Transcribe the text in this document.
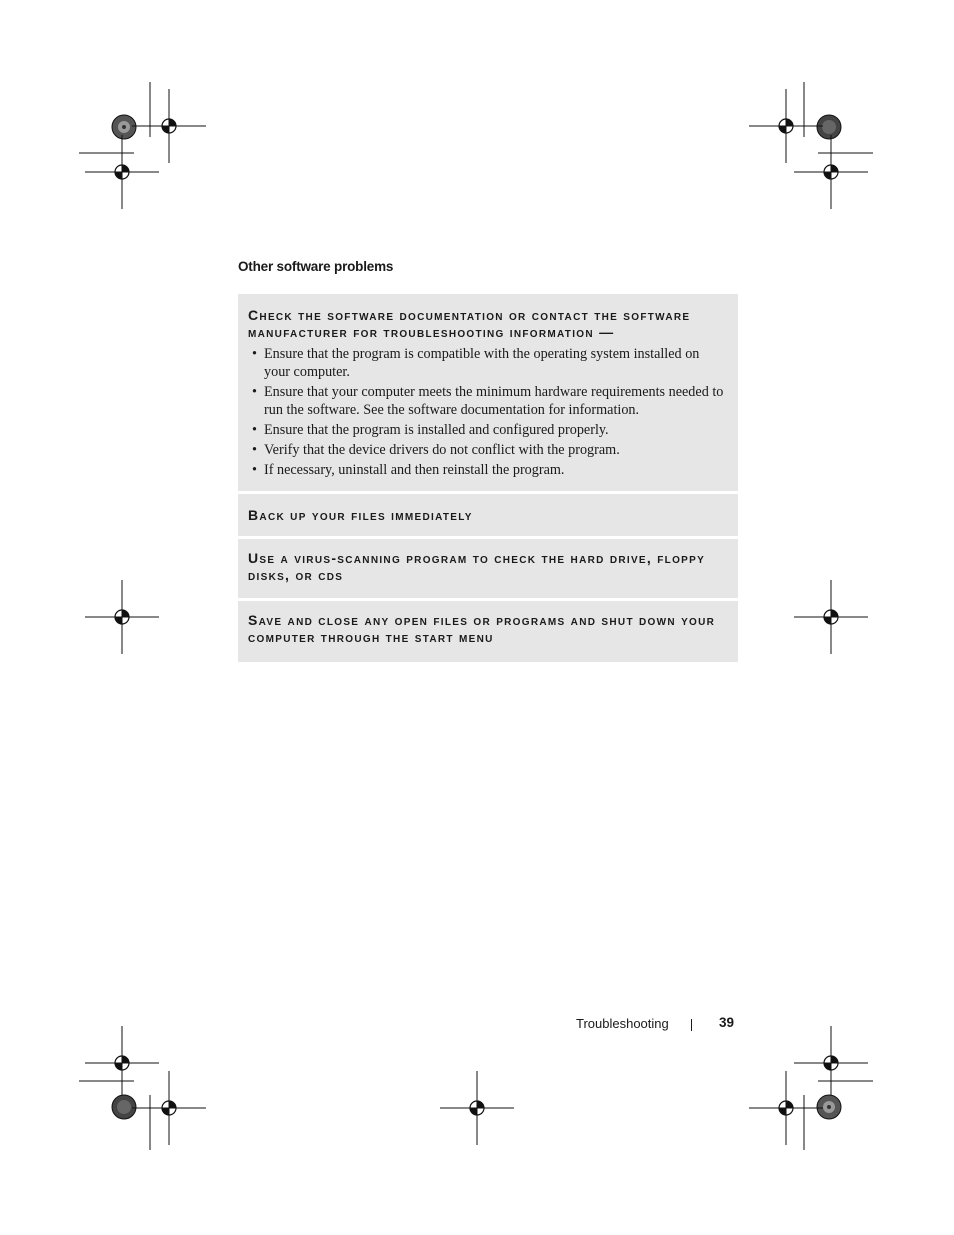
Other software problems

Check the software documentation or contact the software manufacturer for troubleshooting information —

• Ensure that the program is compatible with the operating system installed on your computer.
• Ensure that your computer meets the minimum hardware requirements needed to run the software. See the software documentation for information.
• Ensure that the program is installed and configured properly.
• Verify that the device drivers do not conflict with the program.
• If necessary, uninstall and then reinstall the program.

Back up your files immediately

Use a virus-scanning program to check the hard drive, floppy disks, or cds

Save and close any open files or programs and shut down your computer through the start menu

Troubleshooting	39
